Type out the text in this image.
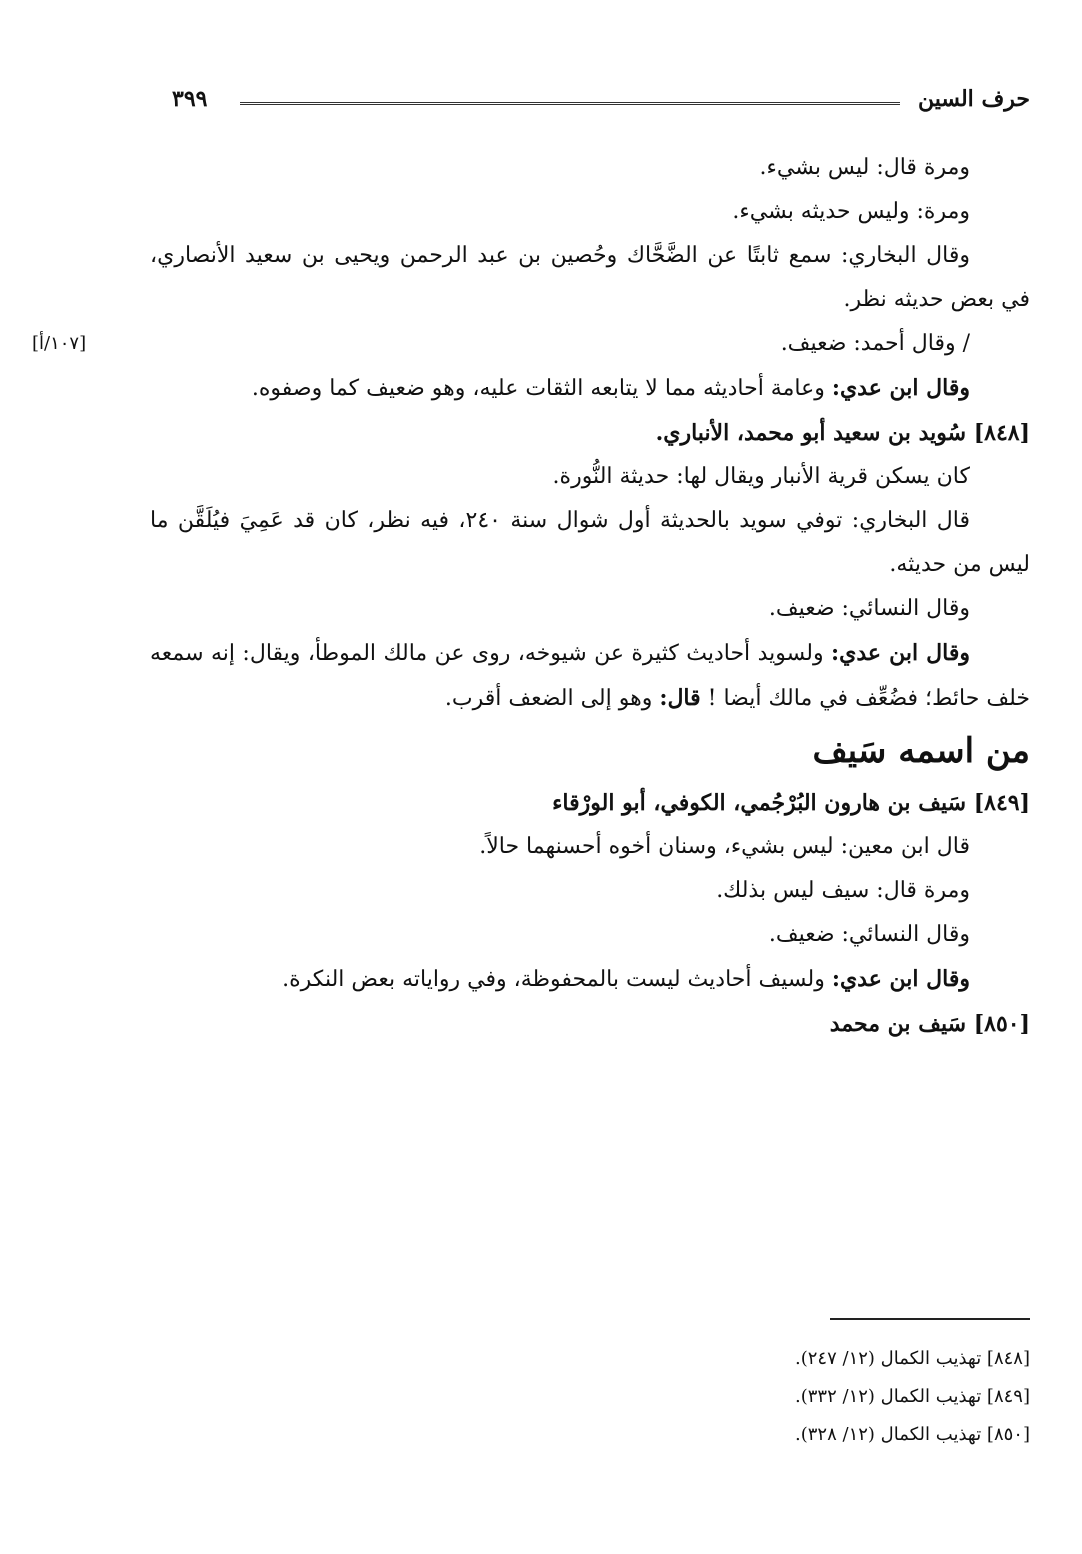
حرف السين
٣٩٩

ومرة قال: ليس بشيء.

ومرة: وليس حديثه بشيء.

وقال البخاري: سمع ثابتًا عن الضَّحَّاك وحُصين بن عبد الرحمن ويحيى بن سعيد الأنصاري، في بعض حديثه نظر.

/ وقال أحمد: ضعيف.
[١٠٧/أ]

وقال ابن عدي: وعامة أحاديثه مما لا يتابعه الثقات عليه، وهو ضعيف كما وصفوه.

[٨٤٨] سُويد بن سعيد أبو محمد، الأنباري.

كان يسكن قرية الأنبار ويقال لها: حديثة النُّورة.

قال البخاري: توفي سويد بالحديثة أول شوال سنة ٢٤٠، فيه نظر، كان قد عَمِيَ فيُلَقَّن ما ليس من حديثه.

وقال النسائي: ضعيف.

وقال ابن عدي: ولسويد أحاديث كثيرة عن شيوخه، روى عن مالك الموطأ، ويقال: إنه سمعه خلف حائط؛ فضُعِّف في مالك أيضا ! قال: وهو إلى الضعف أقرب.

من اسمه سَيف

[٨٤٩] سَيف بن هارون البُرْجُمي، الكوفي، أبو الورْقاء

قال ابن معين: ليس بشيء، وسنان أخوه أحسنهما حالاً.

ومرة قال: سيف ليس بذلك.

وقال النسائي: ضعيف.

وقال ابن عدي: ولسيف أحاديث ليست بالمحفوظة، وفي رواياته بعض النكرة.

[٨٥٠] سَيف بن محمد

[٨٤٨] تهذيب الكمال (١٢/ ٢٤٧).

[٨٤٩] تهذيب الكمال (١٢/ ٣٣٢).

[٨٥٠] تهذيب الكمال (١٢/ ٣٢٨).
